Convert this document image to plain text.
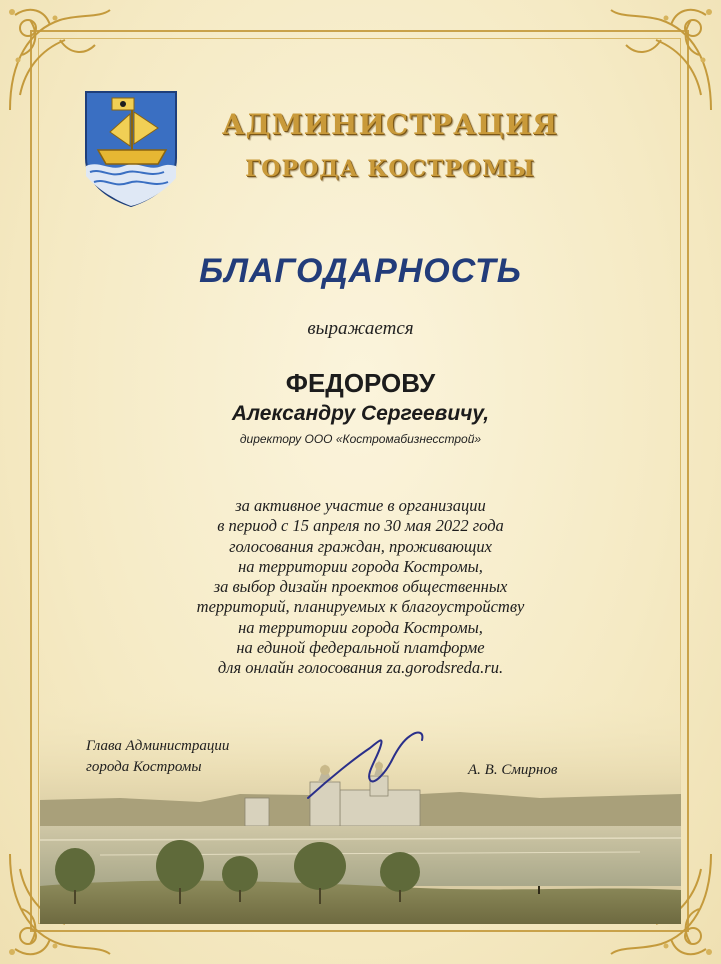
АДМИНИСТРАЦИЯ
ГОРОДА КОСТРОМЫ
БЛАГОДАРНОСТЬ
выражается
ФЕДОРОВУ
Александру Сергеевичу,
директору ООО «Костромабизнесстрой»
за активное участие в организации
в период с 15 апреля по 30 мая 2022 года
голосования граждан, проживающих
на территории города Костромы,
за выбор дизайн проектов общественных
территорий, планируемых к благоустройству
на территории города Костромы,
на единой федеральной платформе
для онлайн голосования za.gorodsreda.ru.
Глава Администрации
города Костромы	А. В. Смирнов
